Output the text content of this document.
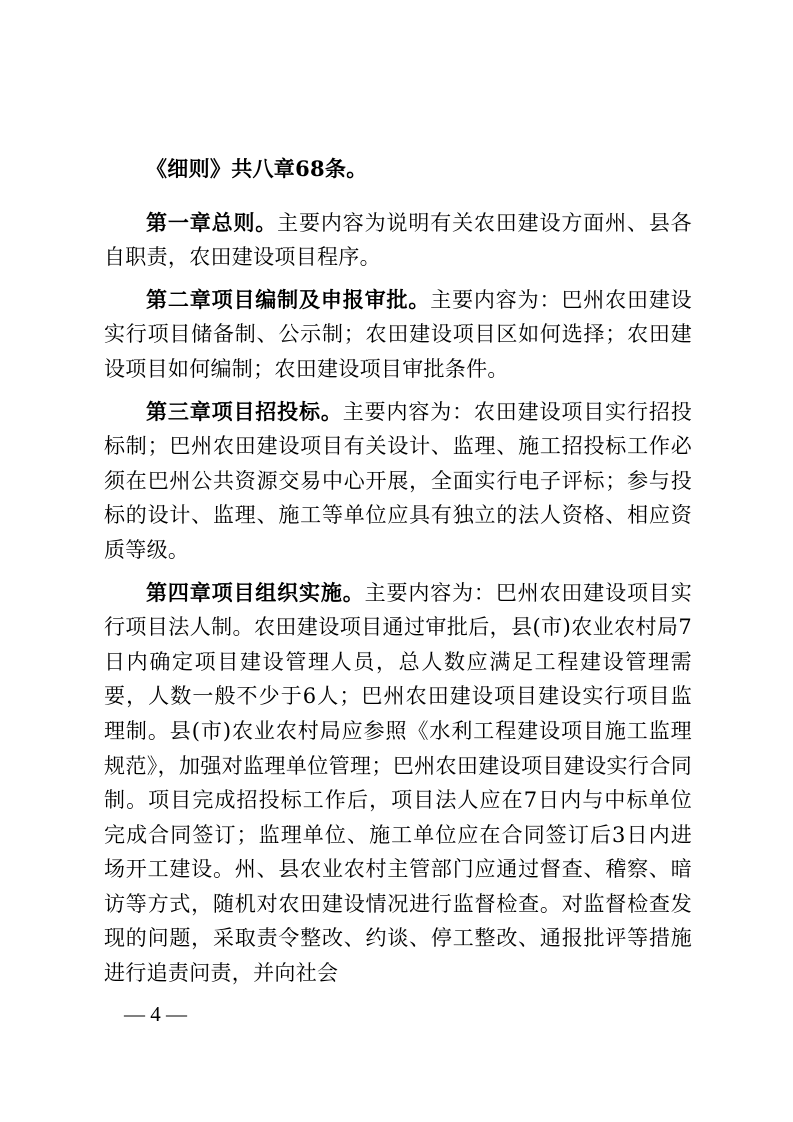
《细则》共八章68条。

第一章总则。主要内容为说明有关农田建设方面州、县各自职责，农田建设项目程序。

第二章项目编制及申报审批。主要内容为：巴州农田建设实行项目储备制、公示制；农田建设项目区如何选择；农田建设项目如何编制；农田建设项目审批条件。

第三章项目招投标。主要内容为：农田建设项目实行招投标制；巴州农田建设项目有关设计、监理、施工招投标工作必须在巴州公共资源交易中心开展，全面实行电子评标；参与投标的设计、监理、施工等单位应具有独立的法人资格、相应资质等级。

第四章项目组织实施。主要内容为：巴州农田建设项目实行项目法人制。农田建设项目通过审批后，县(市)农业农村局7日内确定项目建设管理人员，总人数应满足工程建设管理需要，人数一般不少于6人；巴州农田建设项目建设实行项目监理制。县(市)农业农村局应参照《水利工程建设项目施工监理规范》，加强对监理单位管理；巴州农田建设项目建设实行合同制。项目完成招投标工作后，项目法人应在7日内与中标单位完成合同签订；监理单位、施工单位应在合同签订后3日内进场开工建设。州、县农业农村主管部门应通过督查、稽察、暗访等方式，随机对农田建设情况进行监督检查。对监督检查发现的问题，采取责令整改、约谈、停工整改、通报批评等措施进行追责问责，并向社会

— 4 —
